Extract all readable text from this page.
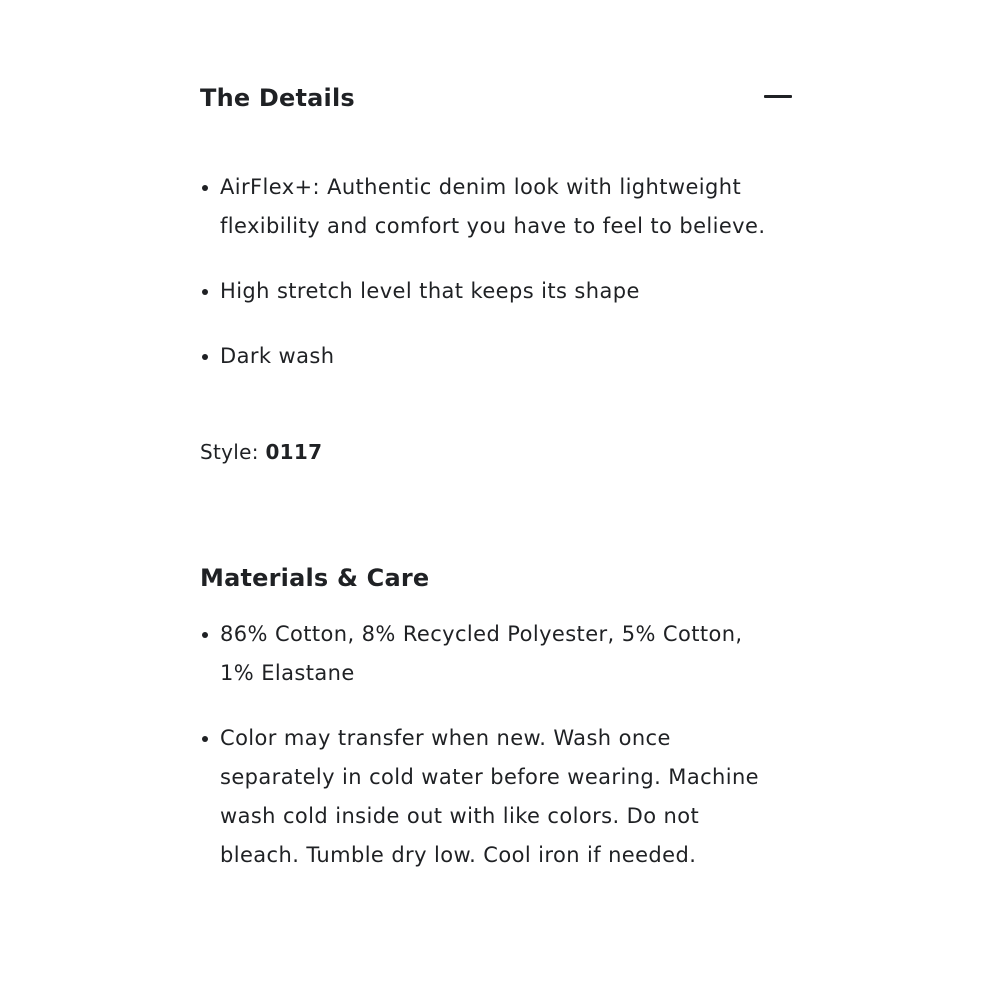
The Details
AirFlex+: Authentic denim look with lightweight flexibility and comfort you have to feel to believe.
High stretch level that keeps its shape
Dark wash
Style: 0117
Materials & Care
86% Cotton, 8% Recycled Polyester, 5% Cotton, 1% Elastane
Color may transfer when new. Wash once separately in cold water before wearing. Machine wash cold inside out with like colors. Do not bleach. Tumble dry low. Cool iron if needed.
